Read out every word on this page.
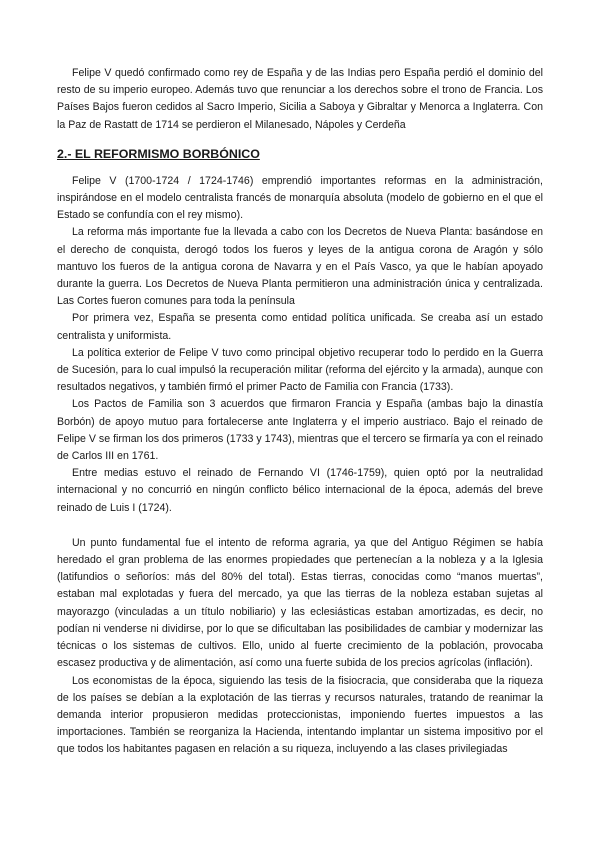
Felipe V quedó confirmado como rey de España y de las Indias pero España perdió el dominio del resto de su imperio europeo. Además tuvo que renunciar a los derechos sobre el trono de Francia. Los Países Bajos fueron cedidos al Sacro Imperio, Sicilia a Saboya y Gibraltar y Menorca a Inglaterra. Con la Paz de Rastatt de 1714 se perdieron el Milanesado, Nápoles y Cerdeña

2.- EL REFORMISMO BORBÓNICO

Felipe V (1700-1724 / 1724-1746) emprendió importantes reformas en la administración, inspirándose en el modelo centralista francés de monarquía absoluta (modelo de gobierno en el que el Estado se confundía con el rey mismo).

La reforma más importante fue la llevada a cabo con los Decretos de Nueva Planta: basándose en el derecho de conquista, derogó todos los fueros y leyes de la antigua corona de Aragón y sólo mantuvo los fueros de la antigua corona de Navarra y en el País Vasco, ya que le habían apoyado durante la guerra. Los Decretos de Nueva Planta permitieron una administración única y centralizada. Las Cortes fueron comunes para toda la península

Por primera vez, España se presenta como entidad política unificada. Se creaba así un estado centralista y uniformista.

La política exterior de Felipe V tuvo como principal objetivo recuperar todo lo perdido en la Guerra de Sucesión, para lo cual impulsó la recuperación militar (reforma del ejército y la armada), aunque con resultados negativos, y también firmó el primer Pacto de Familia con Francia (1733).

Los Pactos de Familia son 3 acuerdos que firmaron Francia y España (ambas bajo la dinastía Borbón) de apoyo mutuo para fortalecerse ante Inglaterra y el imperio austriaco. Bajo el reinado de Felipe V se firman los dos primeros (1733 y 1743), mientras que el tercero se firmaría ya con el reinado de Carlos III en 1761.

Entre medias estuvo el reinado de Fernando VI (1746-1759), quien optó por la neutralidad internacional y no concurrió en ningún conflicto bélico internacional de la época, además del breve reinado de Luis I (1724).

Un punto fundamental fue el intento de reforma agraria, ya que del Antiguo Régimen se había heredado el gran problema de las enormes propiedades que pertenecían a la nobleza y a la Iglesia (latifundios o señoríos: más del 80% del total). Estas tierras, conocidas como “manos muertas”, estaban mal explotadas y fuera del mercado, ya que las tierras de la nobleza estaban sujetas al mayorazgo (vinculadas a un título nobiliario) y las eclesiásticas estaban amortizadas, es decir, no podían ni venderse ni dividirse, por lo que se dificultaban las posibilidades de cambiar y modernizar las técnicas o los sistemas de cultivos. Ello, unido al fuerte crecimiento de la población, provocaba escasez productiva y de alimentación, así como una fuerte subida de los precios agrícolas (inflación).

Los economistas de la época, siguiendo las tesis de la fisiocracia, que consideraba que la riqueza de los países se debían a la explotación de las tierras y recursos naturales, tratando de reanimar la demanda interior propusieron medidas proteccionistas, imponiendo fuertes impuestos a las importaciones. También se reorganiza la Hacienda, intentando implantar un sistema impositivo por el que todos los habitantes pagasen en relación a su riqueza, incluyendo a las clases privilegiadas
